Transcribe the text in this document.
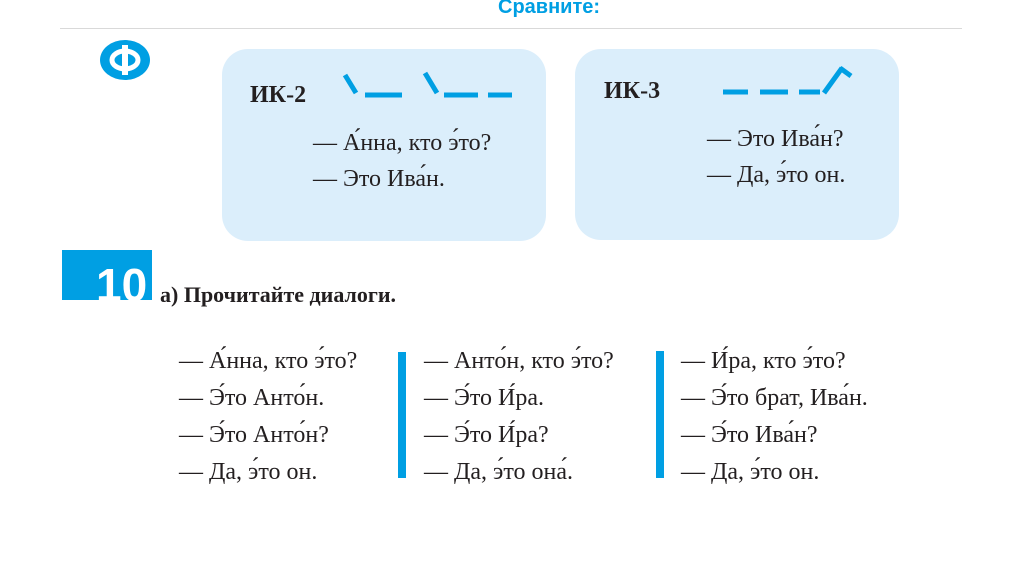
Сравните:
ИК-2
— А́нна, кто э́то?
— Это Ива́н.
ИК-3
— Это Ива́н?
— Да, э́то он.
10 а) Прочитайте диалоги.
— А́нна, кто э́то?
— Э́то Анто́н.
— Э́то Анто́н?
— Да, э́то он.
— Анто́н, кто э́то?
— Э́то И́ра.
— Э́то И́ра?
— Да, э́то она́.
— И́ра, кто э́то?
— Э́то брат, Ива́н.
— Э́то Ива́н?
— Да, э́то он.
